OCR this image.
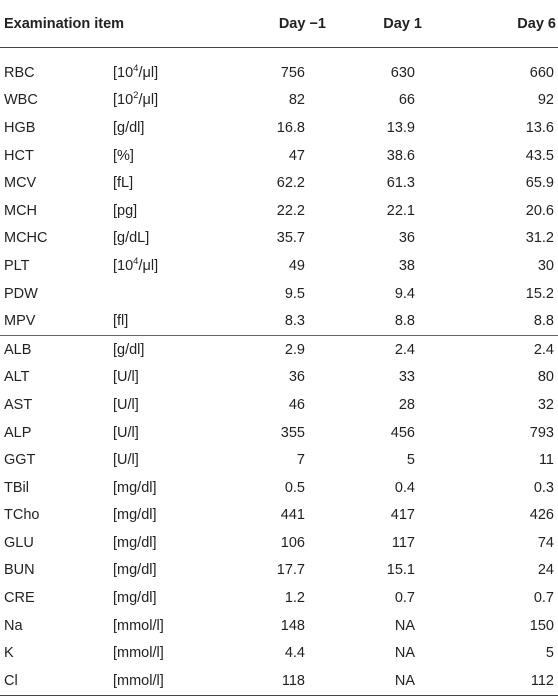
Examination item		Day −1	Day 1	Day 6
RBC	$[10^4/\mu l]$	756	630	660
WBC	$[10^2/\mu l]$	82	66	92
HGB	[g/dl]	16.8	13.9	13.6
HCT	[%]	47	38.6	43.5
MCV	[fL]	62.2	61.3	65.9
MCH	[pg]	22.2	22.1	20.6
MCHC	[g/dL]	35.7	36	31.2
PLT	$[10^4/\mu l]$	49	38	30
PDW		9.5	9.4	15.2
MPV	[fl]	8.3	8.8	8.8
ALB	[g/dl]	2.9	2.4	2.4
ALT	[U/l]	36	33	80
AST	[U/l]	46	28	32
ALP	[U/l]	355	456	793
GGT	[U/l]	7	5	11
TBil	[mg/dl]	0.5	0.4	0.3
TCho	[mg/dl]	441	417	426
GLU	[mg/dl]	106	117	74
BUN	[mg/dl]	17.7	15.1	24
CRE	[mg/dl]	1.2	0.7	0.7
Na	[mmol/l]	148	NA	150
K	[mmol/l]	4.4	NA	5
Cl	[mmol/l]	118	NA	112
